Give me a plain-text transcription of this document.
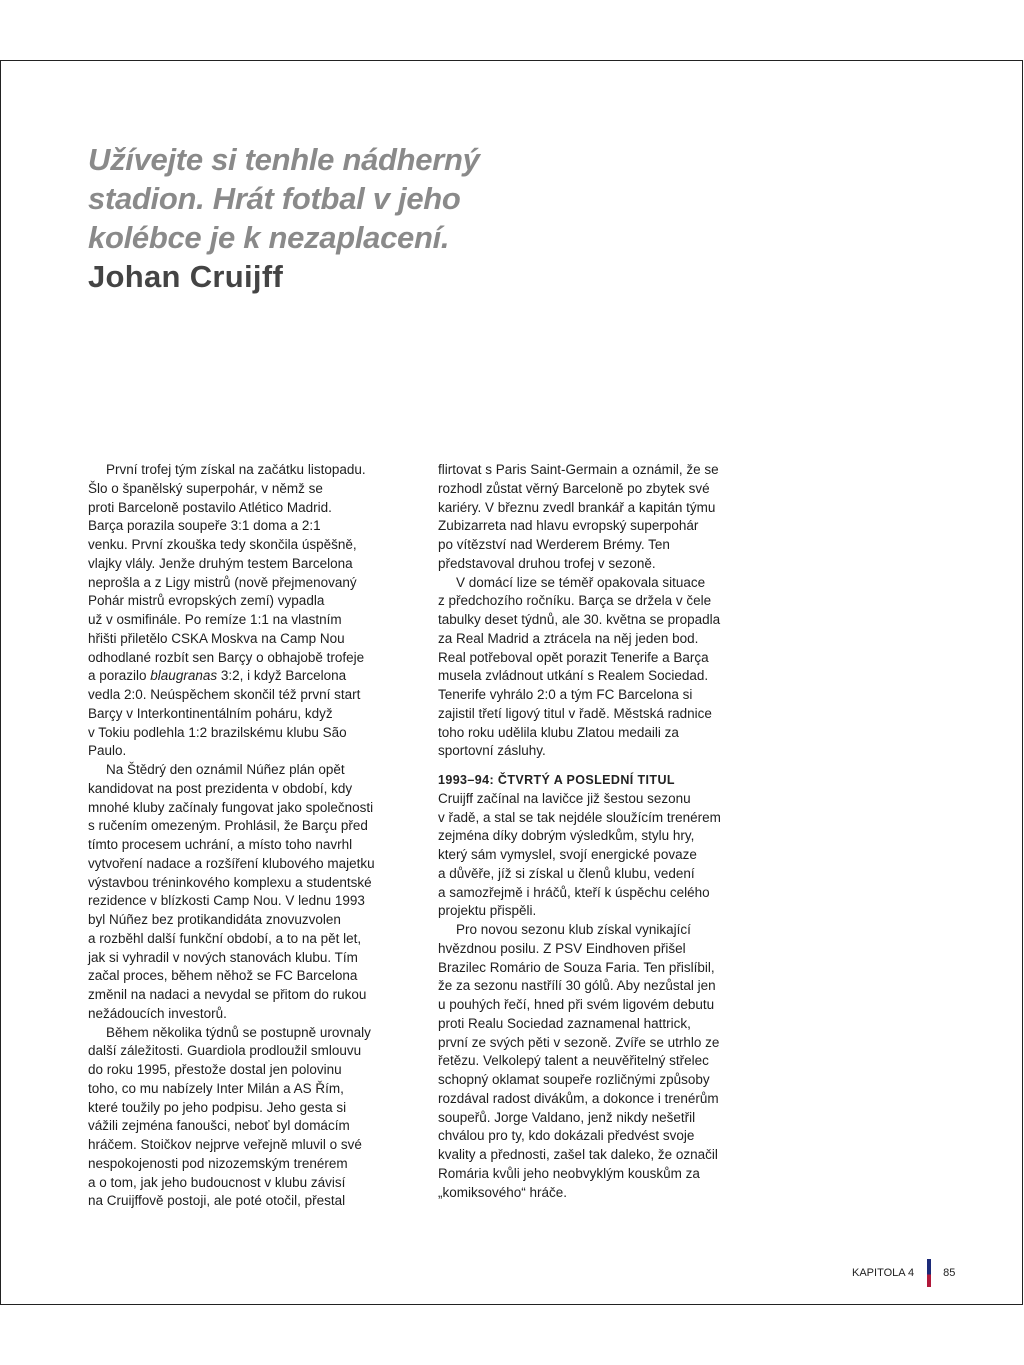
Užívejte si tenhle nádherný
stadion. Hrát fotbal v jeho
kolébce je k nezaplacení.
Johan Cruijff
První trofej tým získal na začátku listopadu.
Šlo o španělský superpohár, v němž se
proti Barceloně postavilo Atlético Madrid.
Barça porazila soupeře 3:1 doma a 2:1
venku. První zkouška tedy skončila úspěšně,
vlajky vlály. Jenže druhým testem Barcelona
neprošla a z Ligy mistrů (nově přejmenovaný
Pohár mistrů evropských zemí) vypadla
už v osmifinále. Po remíze 1:1 na vlastním
hřišti přiletělo CSKA Moskva na Camp Nou
odhodlané rozbít sen Barçy o obhajobě trofeje
a porazilo blaugranas 3:2, i když Barcelona
vedla 2:0. Neúspěchem skončil též první start
Barçy v Interkontinentálním poháru, když
v Tokiu podlehla 1:2 brazilskému klubu São
Paulo.
Na Štědrý den oznámil Núñez plán opět
kandidovat na post prezidenta v období, kdy
mnohé kluby začínaly fungovat jako společnosti
s ručením omezeným. Prohlásil, že Barçu před
tímto procesem uchrání, a místo toho navrhl
vytvoření nadace a rozšíření klubového majetku
výstavbou tréninkového komplexu a studentské
rezidence v blízkosti Camp Nou. V lednu 1993
byl Núñez bez protikandidáta znovuzvolen
a rozběhl další funkční období, a to na pět let,
jak si vyhradil v nových stanovách klubu. Tím
začal proces, během něhož se FC Barcelona
změnil na nadaci a nevydal se přitom do rukou
nežádoucích investorů.
Během několika týdnů se postupně urovnaly
další záležitosti. Guardiola prodloužil smlouvu
do roku 1995, přestože dostal jen polovinu
toho, co mu nabízely Inter Milán a AS Řím,
které toužily po jeho podpisu. Jeho gesta si
vážili zejména fanoušci, neboť byl domácím
hráčem. Stoičkov nejprve veřejně mluvil o své
nespokojenosti pod nizozemským trenérem
a o tom, jak jeho budoucnost v klubu závisí
na Cruijffově postoji, ale poté otočil, přestal
flirtovat s Paris Saint-Germain a oznámil, že se
rozhodl zůstat věrný Barceloně po zbytek své
kariéry. V březnu zvedl brankář a kapitán týmu
Zubizarreta nad hlavu evropský superpohár
po vítězství nad Werderem Brémy. Ten
představoval druhou trofej v sezoně.
V domácí lize se téměř opakovala situace
z předchozího ročníku. Barça se držela v čele
tabulky deset týdnů, ale 30. května se propadla
za Real Madrid a ztrácela na něj jeden bod.
Real potřeboval opět porazit Tenerife a Barça
musela zvládnout utkání s Realem Sociedad.
Tenerife vyhrálo 2:0 a tým FC Barcelona si
zajistil třetí ligový titul v řadě. Městská radnice
toho roku udělila klubu Zlatou medaili za
sportovní zásluhy.
1993–94: ČTVRTÝ A POSLEDNÍ TITUL
Cruijff začínal na lavičce již šestou sezonu
v řadě, a stal se tak nejdéle sloužícím trenérem
zejména díky dobrým výsledkům, stylu hry,
který sám vymyslel, svojí energické povaze
a důvěře, jíž si získal u členů klubu, vedení
a samozřejmě i hráčů, kteří k úspěchu celého
projektu přispěli.
Pro novou sezonu klub získal vynikající
hvězdnou posilu. Z PSV Eindhoven přišel
Brazilec Romário de Souza Faria. Ten přislíbil,
že za sezonu nastřílí 30 gólů. Aby nezůstal jen
u pouhých řečí, hned při svém ligovém debutu
proti Realu Sociedad zaznamenal hattrick,
první ze svých pěti v sezoně. Zvíře se utrhlo ze
řetězu. Velkolepý talent a neuvěřitelný střelec
schopný oklamat soupeře rozličnými způsoby
rozdával radost divákům, a dokonce i trenérům
soupeřů. Jorge Valdano, jenž nikdy nešetřil
chválou pro ty, kdo dokázali předvést svoje
kvality a přednosti, zašel tak daleko, že označil
Romária kvůli jeho neobvyklým kouskům za
„komiksového“ hráče.
KAPITOLA 4	85
